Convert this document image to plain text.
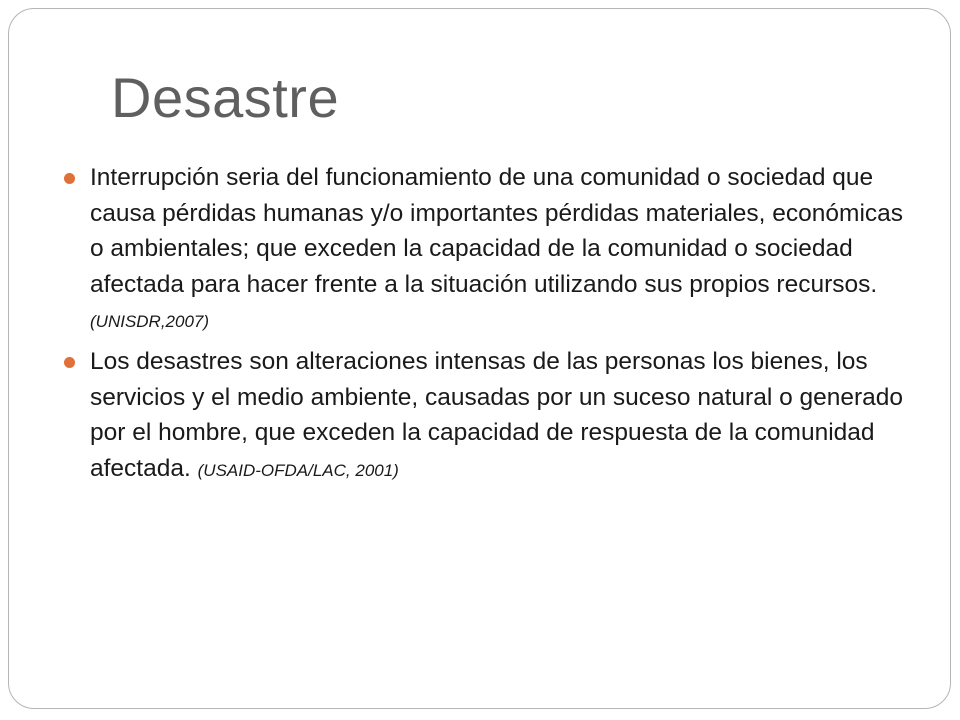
Desastre
Interrupción seria del funcionamiento de una comunidad o sociedad que causa pérdidas humanas y/o importantes pérdidas materiales, económicas o ambientales; que exceden la capacidad de la comunidad o sociedad afectada para hacer frente a la situación utilizando sus propios recursos. (UNISDR,2007)
Los desastres son alteraciones intensas de las personas los bienes, los servicios y el medio ambiente, causadas por un suceso natural o generado por el hombre, que exceden la capacidad de respuesta de la comunidad afectada. (USAID-OFDA/LAC, 2001)
